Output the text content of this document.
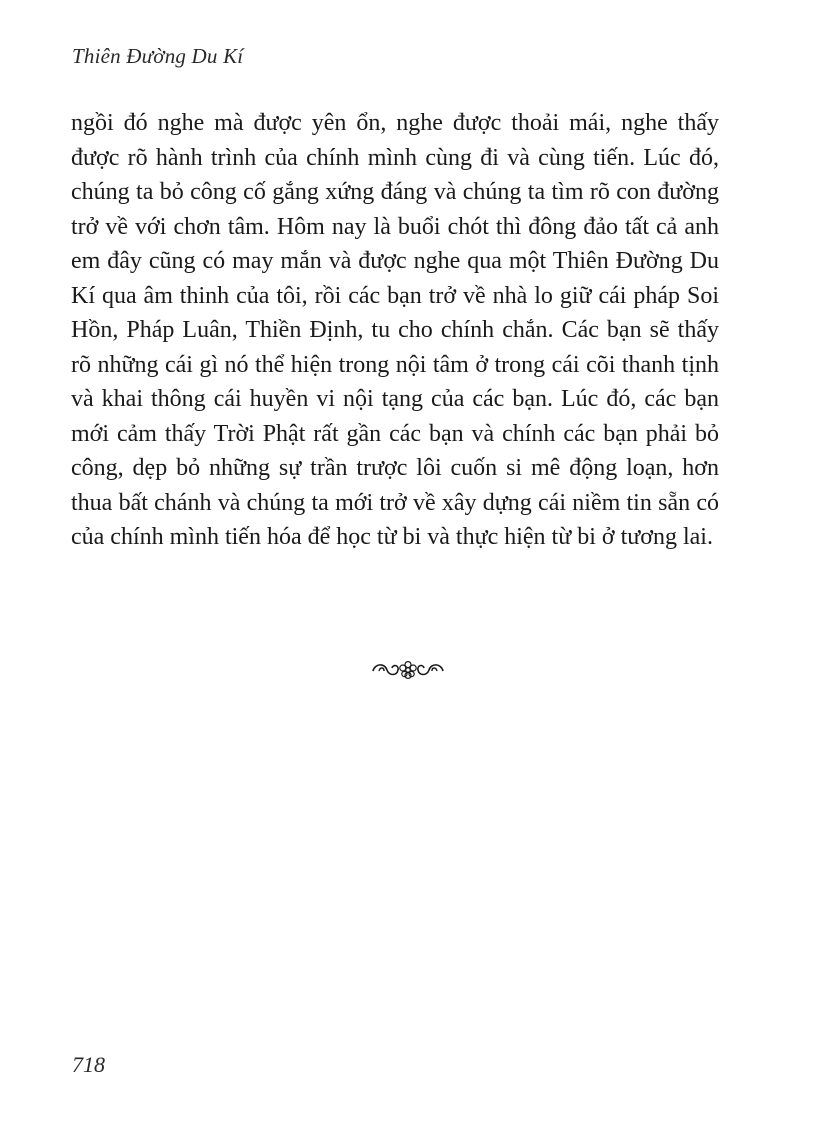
Thiên Đường Du Kí

ngồi đó nghe mà được yên ổn, nghe được thoải mái, nghe thấy được rõ hành trình của chính mình cùng đi và cùng tiến. Lúc đó, chúng ta bỏ công cố gắng xứng đáng và chúng ta tìm rõ con đường trở về với chơn tâm. Hôm nay là buổi chót thì đông đảo tất cả anh em đây cũng có may mắn và được nghe qua một Thiên Đường Du Kí qua âm thinh của tôi, rồi các bạn trở về nhà lo giữ cái pháp Soi Hồn, Pháp Luân, Thiền Định, tu cho chính chắn. Các bạn sẽ thấy rõ những cái gì nó thể hiện trong nội tâm ở trong cái cõi thanh tịnh và khai thông cái huyền vi nội tạng của các bạn. Lúc đó, các bạn mới cảm thấy Trời Phật rất gần các bạn và chính các bạn phải bỏ công, dẹp bỏ những sự trần trược lôi cuốn si mê động loạn, hơn thua bất chánh và chúng ta mới trở về xây dựng cái niềm tin sẵn có của chính mình tiến hóa để học từ bi và thực hiện từ bi ở tương lai.

718
